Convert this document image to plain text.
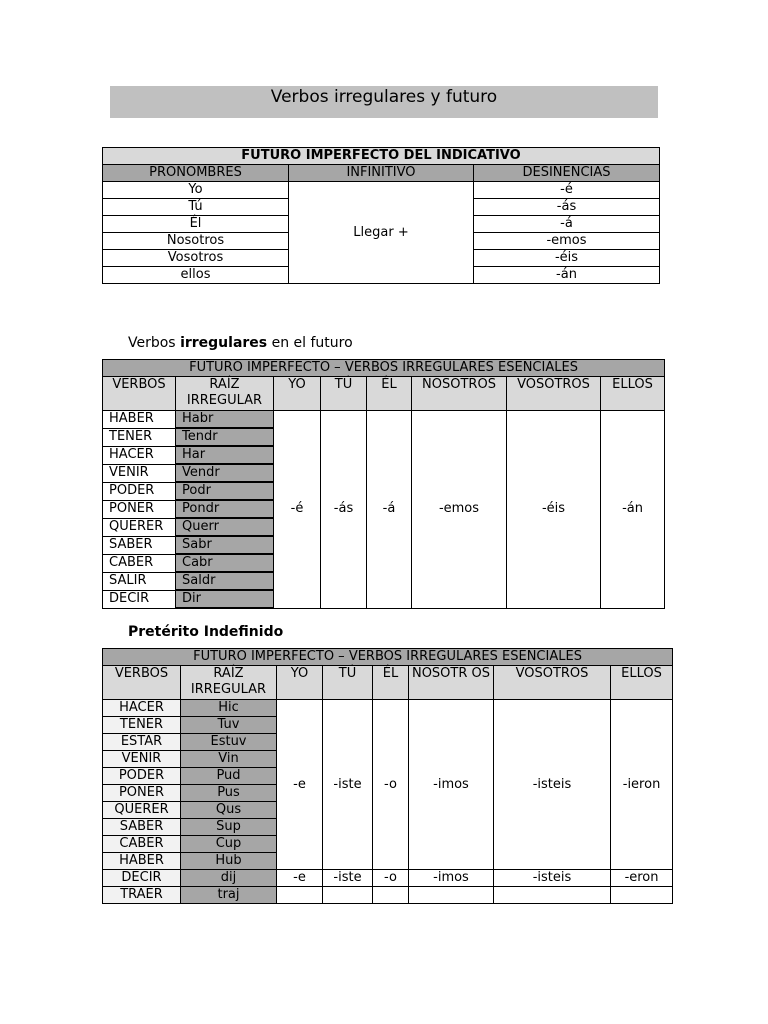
Verbos irregulares y futuro
FUTURO IMPERFECTO DEL INDICATIVO		
PRONOMBRES	INFINITIVO	DESINENCIAS
Yo	Llegar +	-é
Tú		-ás
Él		-á
Nosotros		-emos
Vosotros		-éis
ellos		-án
Verbos irregulares en el futuro
FUTURO IMPERFECTO – VERBOS IRREGULARES ESENCIALES							
VERBOS	RAÍZ IRREGULAR	YO	TÚ	ÉL	NOSOTROS	VOSOTROS	ELLOS
HABER	Habr	-é	-ás	-á	-emos	-éis	-án
TENER	Tendr						
HACER	Har						
VENIR	Vendr						
PODER	Podr						
PONER	Pondr						
QUERER	Querr						
SABER	Sabr						
CABER	Cabr						
SALIR	Saldr						
DECIR	Dir						
Pretérito Indefinido
FUTURO IMPERFECTO – VERBOS IRREGULARES ESENCIALES							
VERBOS	RAÍZ IRREGULAR	YO	TÚ	ÉL	NOSOTR OS	VOSOTROS	ELLOS
HACER	Hic	-e	-iste	-o	-imos	-isteis	-ieron
TENER	Tuv						
ESTAR	Estuv						
VENIR	Vin						
PODER	Pud						
PONER	Pus						
QUERER	Qus						
SABER	Sup						
CABER	Cup						
HABER	Hub						
DECIR	dij	-e	-iste	-o	-imos	-isteis	-eron
TRAER	traj						
